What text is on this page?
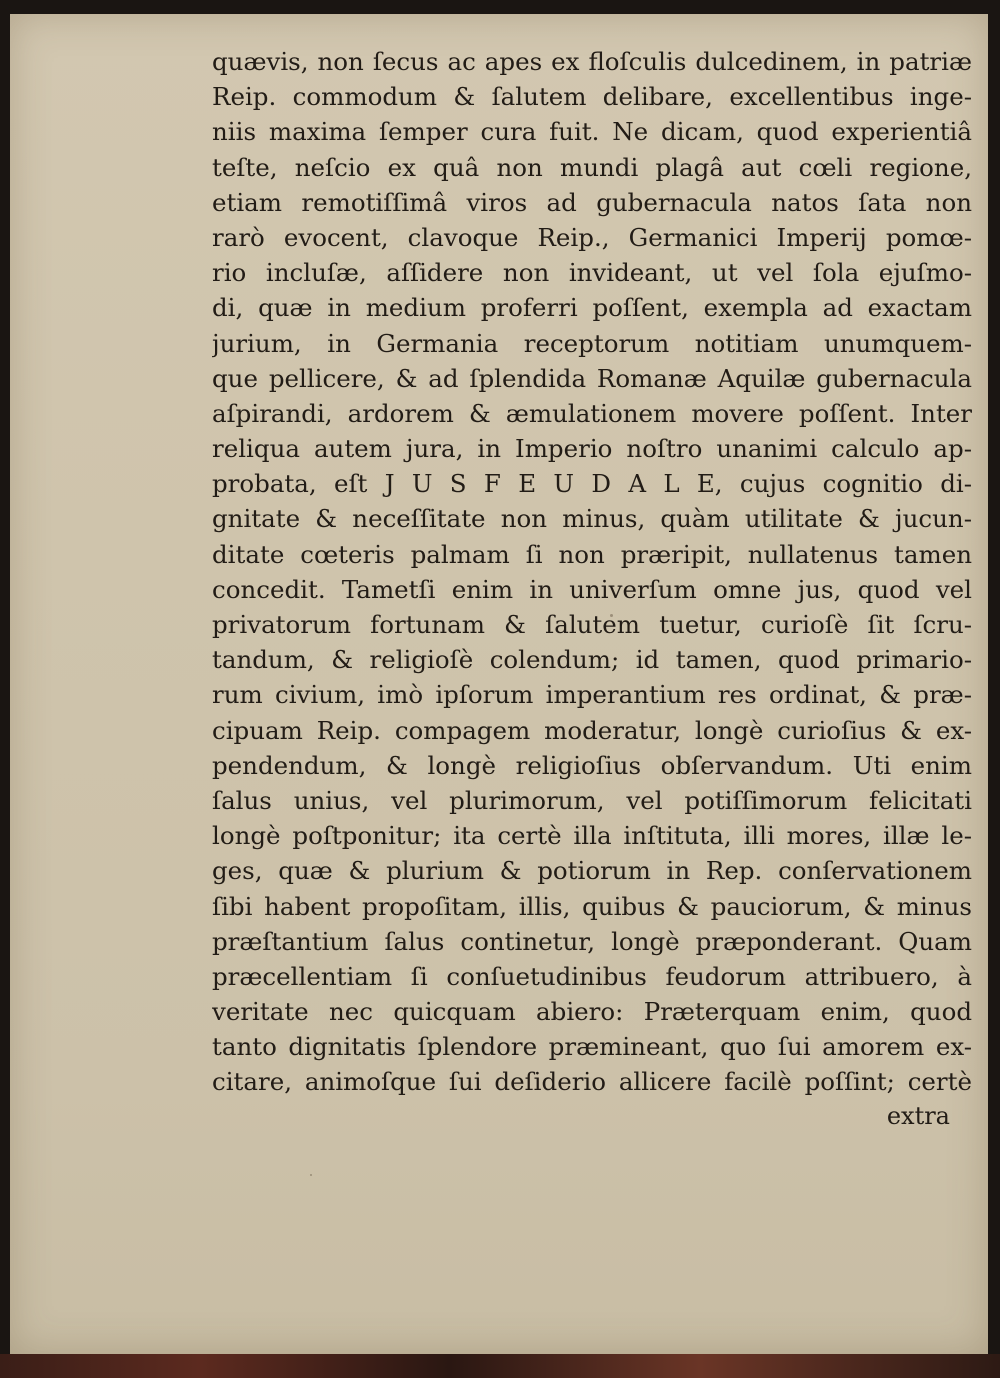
quævis, non ſecus ac apes ex floſculis dulcedinem, in patriæ
Reip. commodum & ſalutem delibare, excellentibus inge-
niis maxima ſemper cura fuit. Ne dicam, quod experientiâ
teſte, neſcio ex quâ non mundi plagâ aut cœli regione,
etiam remotiſſimâ viros ad gubernacula natos ſata non
rarò evocent, clavoque Reip., Germanici Imperij pomœ-
rio incluſæ, aſſidere non invideant, ut vel ſola ejuſmo-
di, quæ in medium proferri poſſent, exempla ad exactam
jurium, in Germania receptorum notitiam unumquem-
que pellicere, & ad ſplendida Romanæ Aquilæ gubernacula
aſpirandi, ardorem & æmulationem movere poſſent. Inter
reliqua autem jura, in Imperio noſtro unanimi calculo ap-
probata, eſt J U S F E U D A L E, cujus cognitio di-
gnitate & neceſſitate non minus, quàm utilitate & jucun-
ditate cœteris palmam ſi non præripit, nullatenus tamen
concedit. Tametſi enim in univerſum omne jus, quod vel
privatorum fortunam & ſalutem tuetur, curioſè ſit ſcru-
tandum, & religioſè colendum; id tamen, quod primario-
rum civium, imò ipſorum imperantium res ordinat, & præ-
cipuam Reip. compagem moderatur, longè curioſius & ex-
pendendum, & longè religioſius obſervandum. Uti enim
ſalus unius, vel plurimorum, vel potiſſimorum felicitati
longè poſtponitur; ita certè illa inſtituta, illi mores, illæ le-
ges, quæ & plurium & potiorum in Rep. conſervationem
ſibi habent propoſitam, illis, quibus & pauciorum, & minus
præſtantium ſalus continetur, longè præponderant. Quam
præcellentiam ſi conſuetudinibus feudorum attribuero, à
veritate nec quicquam abiero: Præterquam enim, quod
tanto dignitatis ſplendore præmineant, quo ſui amorem ex-
citare, animoſque ſui deſiderio allicere facilè poſſint; certè
extra
